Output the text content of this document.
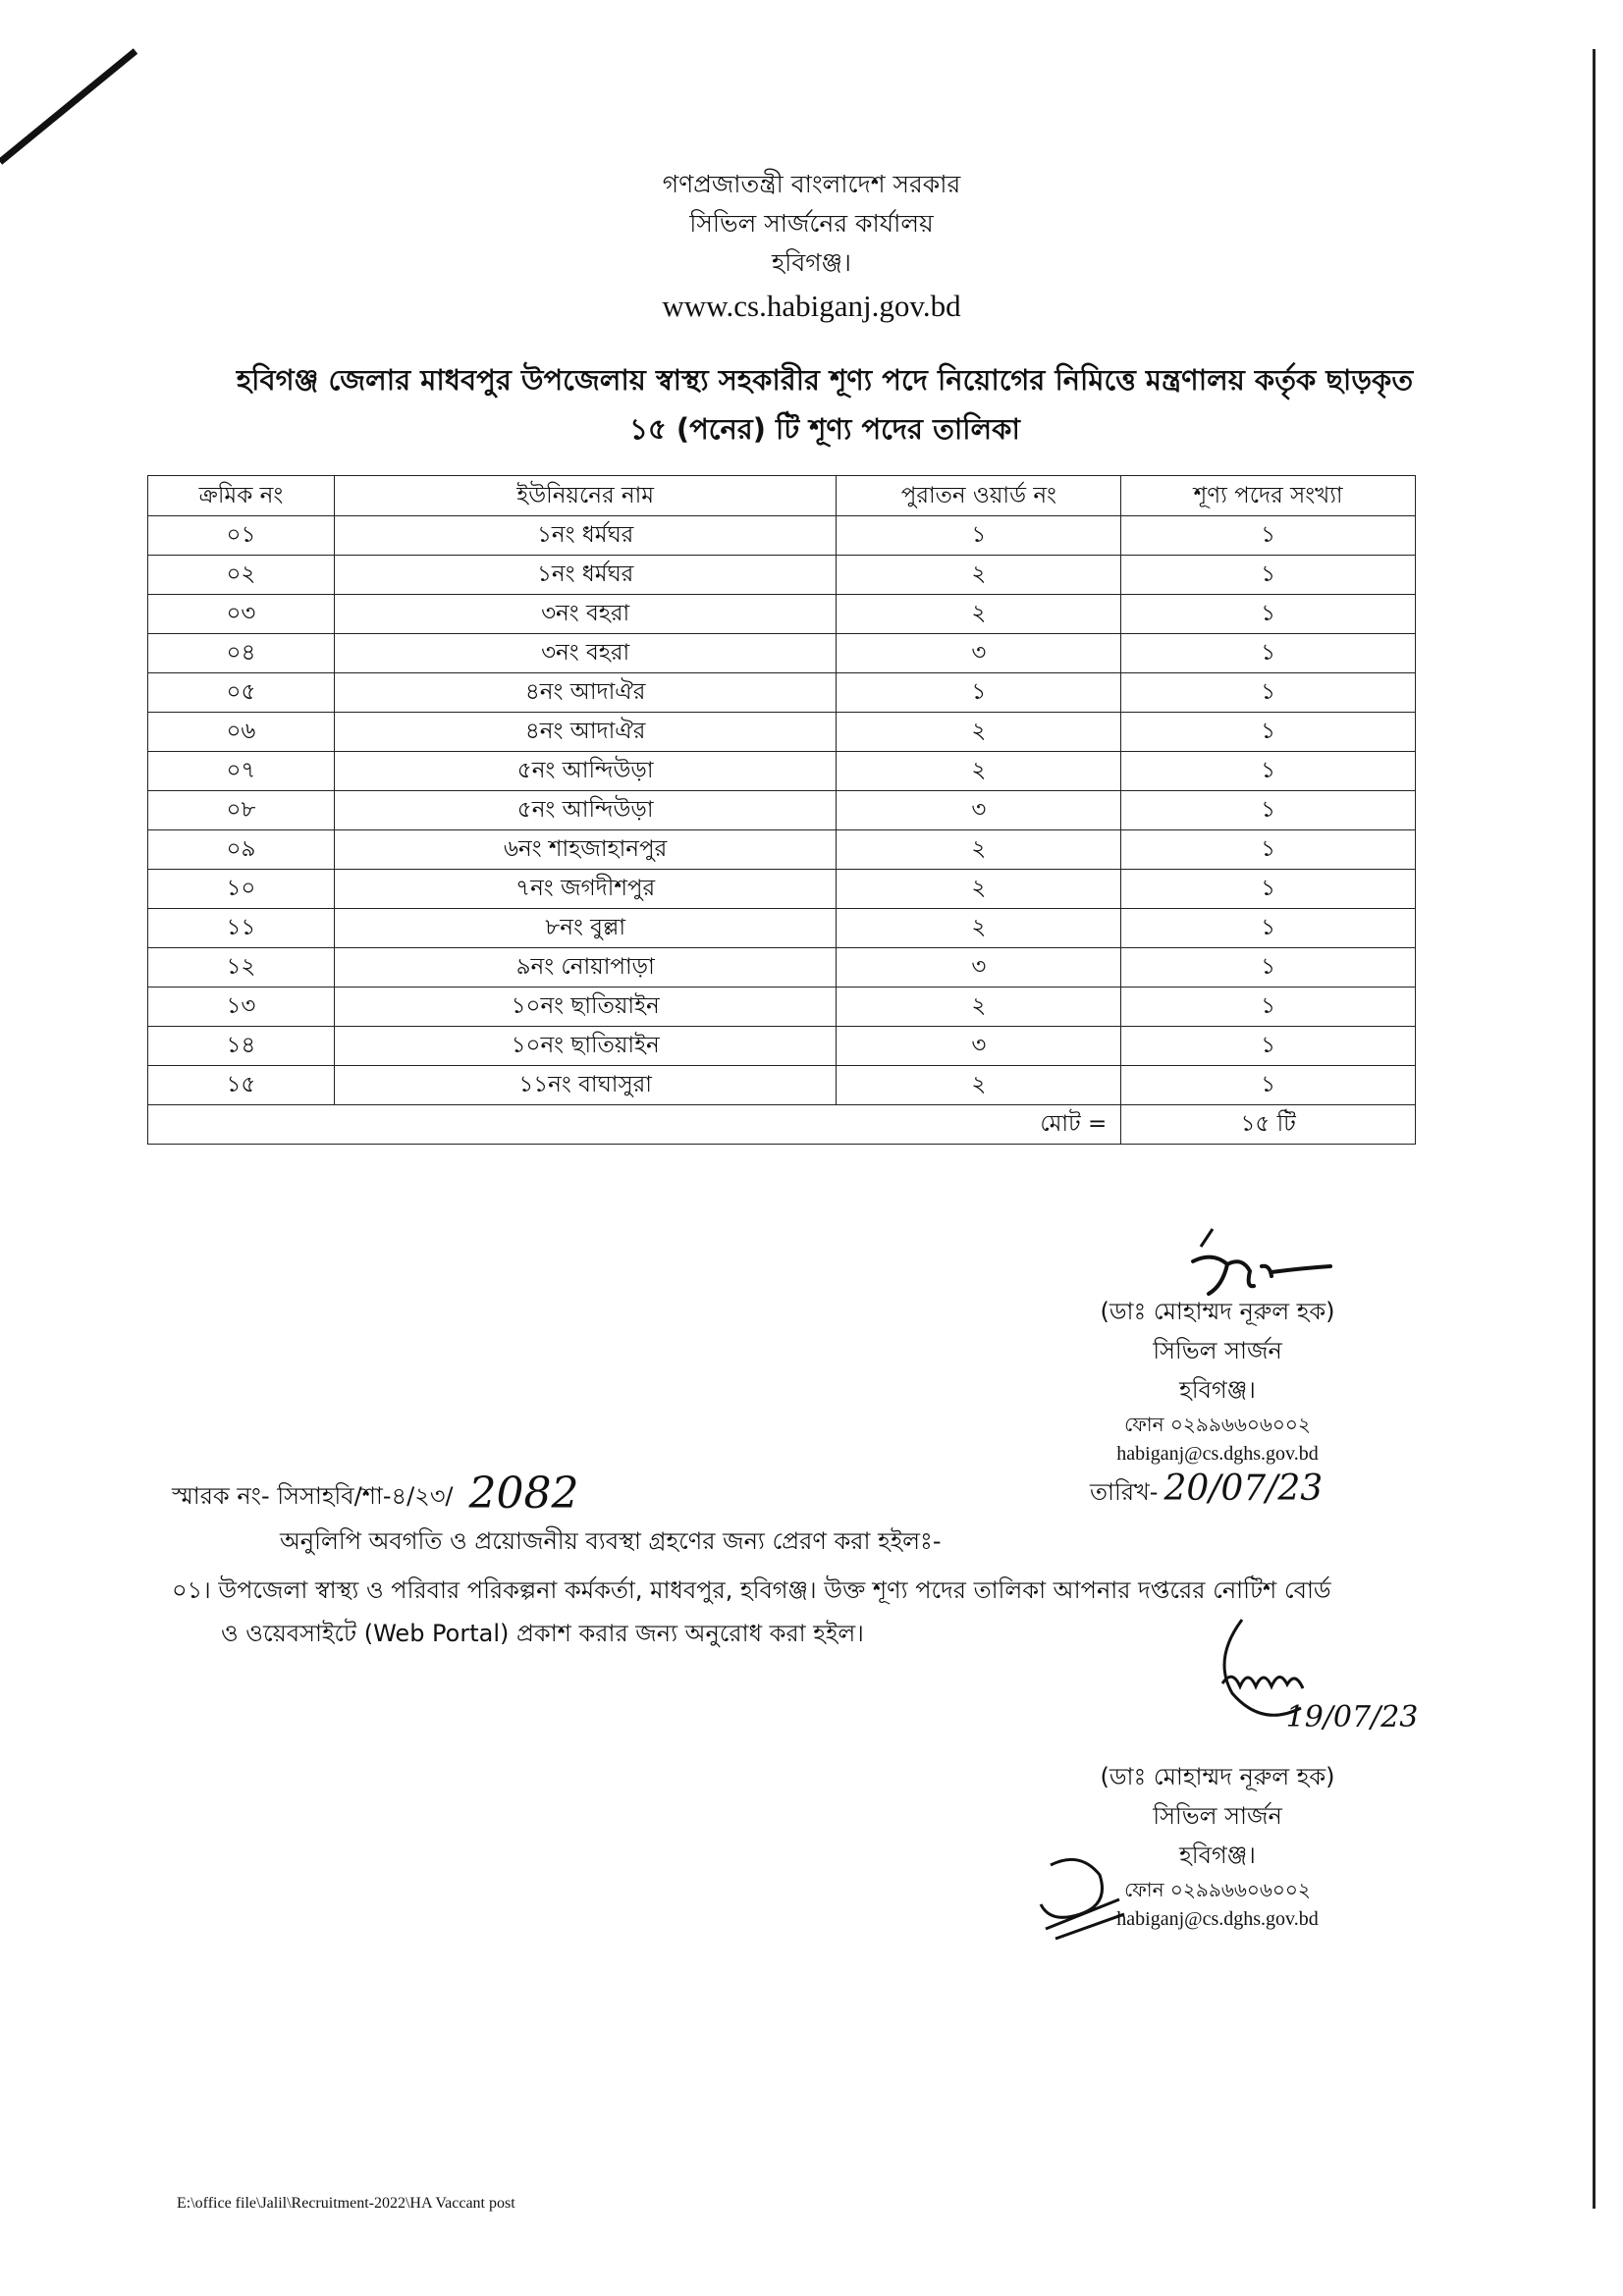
গণপ্রজাতন্ত্রী বাংলাদেশ সরকার
সিভিল সার্জনের কার্যালয়
হবিগঞ্জ।
www.cs.habiganj.gov.bd
হবিগঞ্জ জেলার মাধবপুর উপজেলায় স্বাস্থ্য সহকারীর শূণ্য পদে নিয়োগের নিমিত্তে মন্ত্রণালয় কর্তৃক ছাড়কৃত
১৫ (পনের) টি শূণ্য পদের তালিকা
ক্রমিক নং	ইউনিয়নের নাম	পুরাতন ওয়ার্ড নং	শূণ্য পদের সংখ্যা
০১	১নং ধর্মঘর	১	১
০২	১নং ধর্মঘর	২	১
০৩	৩নং বহরা	২	১
০৪	৩নং বহরা	৩	১
০৫	৪নং আদাঐর	১	১
০৬	৪নং আদাঐর	২	১
০৭	৫নং আন্দিউড়া	২	১
০৮	৫নং আন্দিউড়া	৩	১
০৯	৬নং শাহজাহানপুর	২	১
১০	৭নং জগদীশপুর	২	১
১১	৮নং বুল্লা	২	১
১২	৯নং নোয়াপাড়া	৩	১
১৩	১০নং ছাতিয়াইন	২	১
১৪	১০নং ছাতিয়াইন	৩	১
১৫	১১নং বাঘাসুরা	২	১
মোট =			১৫ টি
(ডাঃ মোহাম্মদ নূরুল হক)
সিভিল সার্জন
হবিগঞ্জ।
ফোন ০২৯৯৬৬০৬০০২
habiganj@cs.dghs.gov.bd
স্মারক নং- সিসাহবি/শা-৪/২৩/ 2082	তারিখ- 20/07/23
অনুলিপি অবগতি ও প্রয়োজনীয় ব্যবস্থা গ্রহণের জন্য প্রেরণ করা হইলঃ-
০১। উপজেলা স্বাস্থ্য ও পরিবার পরিকল্পনা কর্মকর্তা, মাধবপুর, হবিগঞ্জ। উক্ত শূণ্য পদের তালিকা আপনার দপ্তরের নোটিশ বোর্ড
ও ওয়েবসাইটে (Web Portal) প্রকাশ করার জন্য অনুরোধ করা হইল।
19/07/23
(ডাঃ মোহাম্মদ নূরুল হক)
সিভিল সার্জন
হবিগঞ্জ।
ফোন ০২৯৯৬৬০৬০০২
habiganj@cs.dghs.gov.bd
E:\office file\Jalil\Recruitment-2022\HA Vaccant post
